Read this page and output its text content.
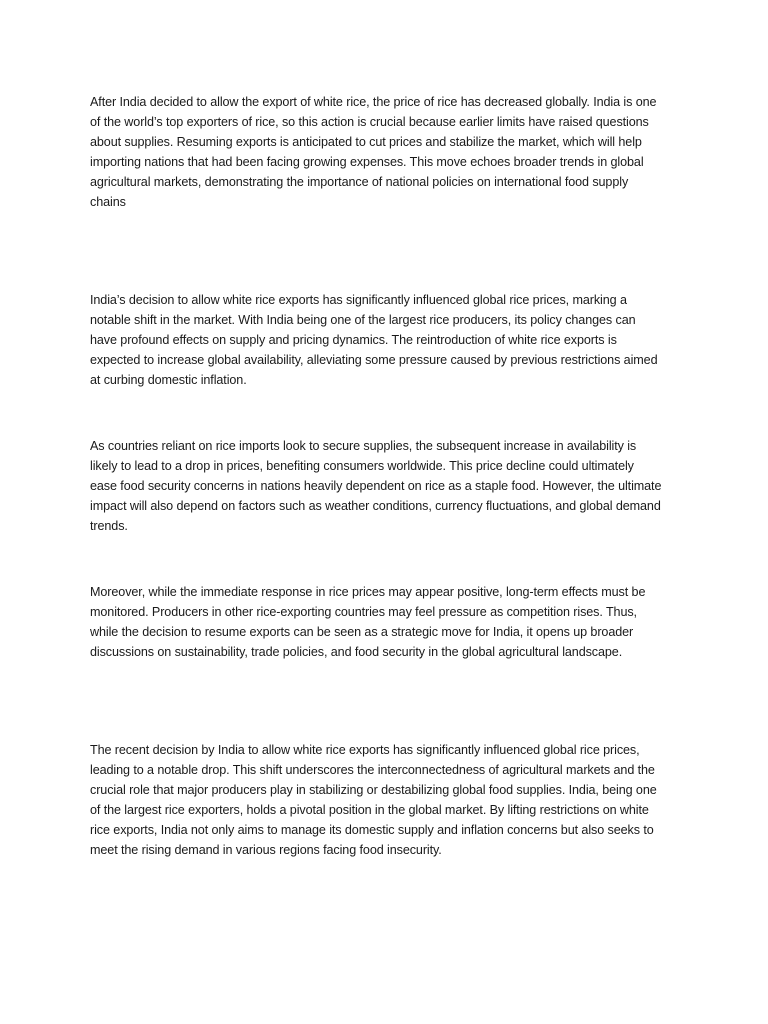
After India decided to allow the export of white rice, the price of rice has decreased globally. India is one
of the world’s top exporters of rice, so this action is crucial because earlier limits have raised questions
about supplies. Resuming exports is anticipated to cut prices and stabilize the market, which will help
importing nations that had been facing growing expenses. This move echoes broader trends in global
agricultural markets, demonstrating the importance of national policies on international food supply
chains

India’s decision to allow white rice exports has significantly influenced global rice prices, marking a
notable shift in the market. With India being one of the largest rice producers, its policy changes can
have profound effects on supply and pricing dynamics. The reintroduction of white rice exports is
expected to increase global availability, alleviating some pressure caused by previous restrictions aimed
at curbing domestic inflation.

As countries reliant on rice imports look to secure supplies, the subsequent increase in availability is
likely to lead to a drop in prices, benefiting consumers worldwide. This price decline could ultimately
ease food security concerns in nations heavily dependent on rice as a staple food. However, the ultimate
impact will also depend on factors such as weather conditions, currency fluctuations, and global demand
trends.

Moreover, while the immediate response in rice prices may appear positive, long-term effects must be
monitored. Producers in other rice-exporting countries may feel pressure as competition rises. Thus,
while the decision to resume exports can be seen as a strategic move for India, it opens up broader
discussions on sustainability, trade policies, and food security in the global agricultural landscape.

The recent decision by India to allow white rice exports has significantly influenced global rice prices,
leading to a notable drop. This shift underscores the interconnectedness of agricultural markets and the
crucial role that major producers play in stabilizing or destabilizing global food supplies. India, being one
of the largest rice exporters, holds a pivotal position in the global market. By lifting restrictions on white
rice exports, India not only aims to manage its domestic supply and inflation concerns but also seeks to
meet the rising demand in various regions facing food insecurity.
